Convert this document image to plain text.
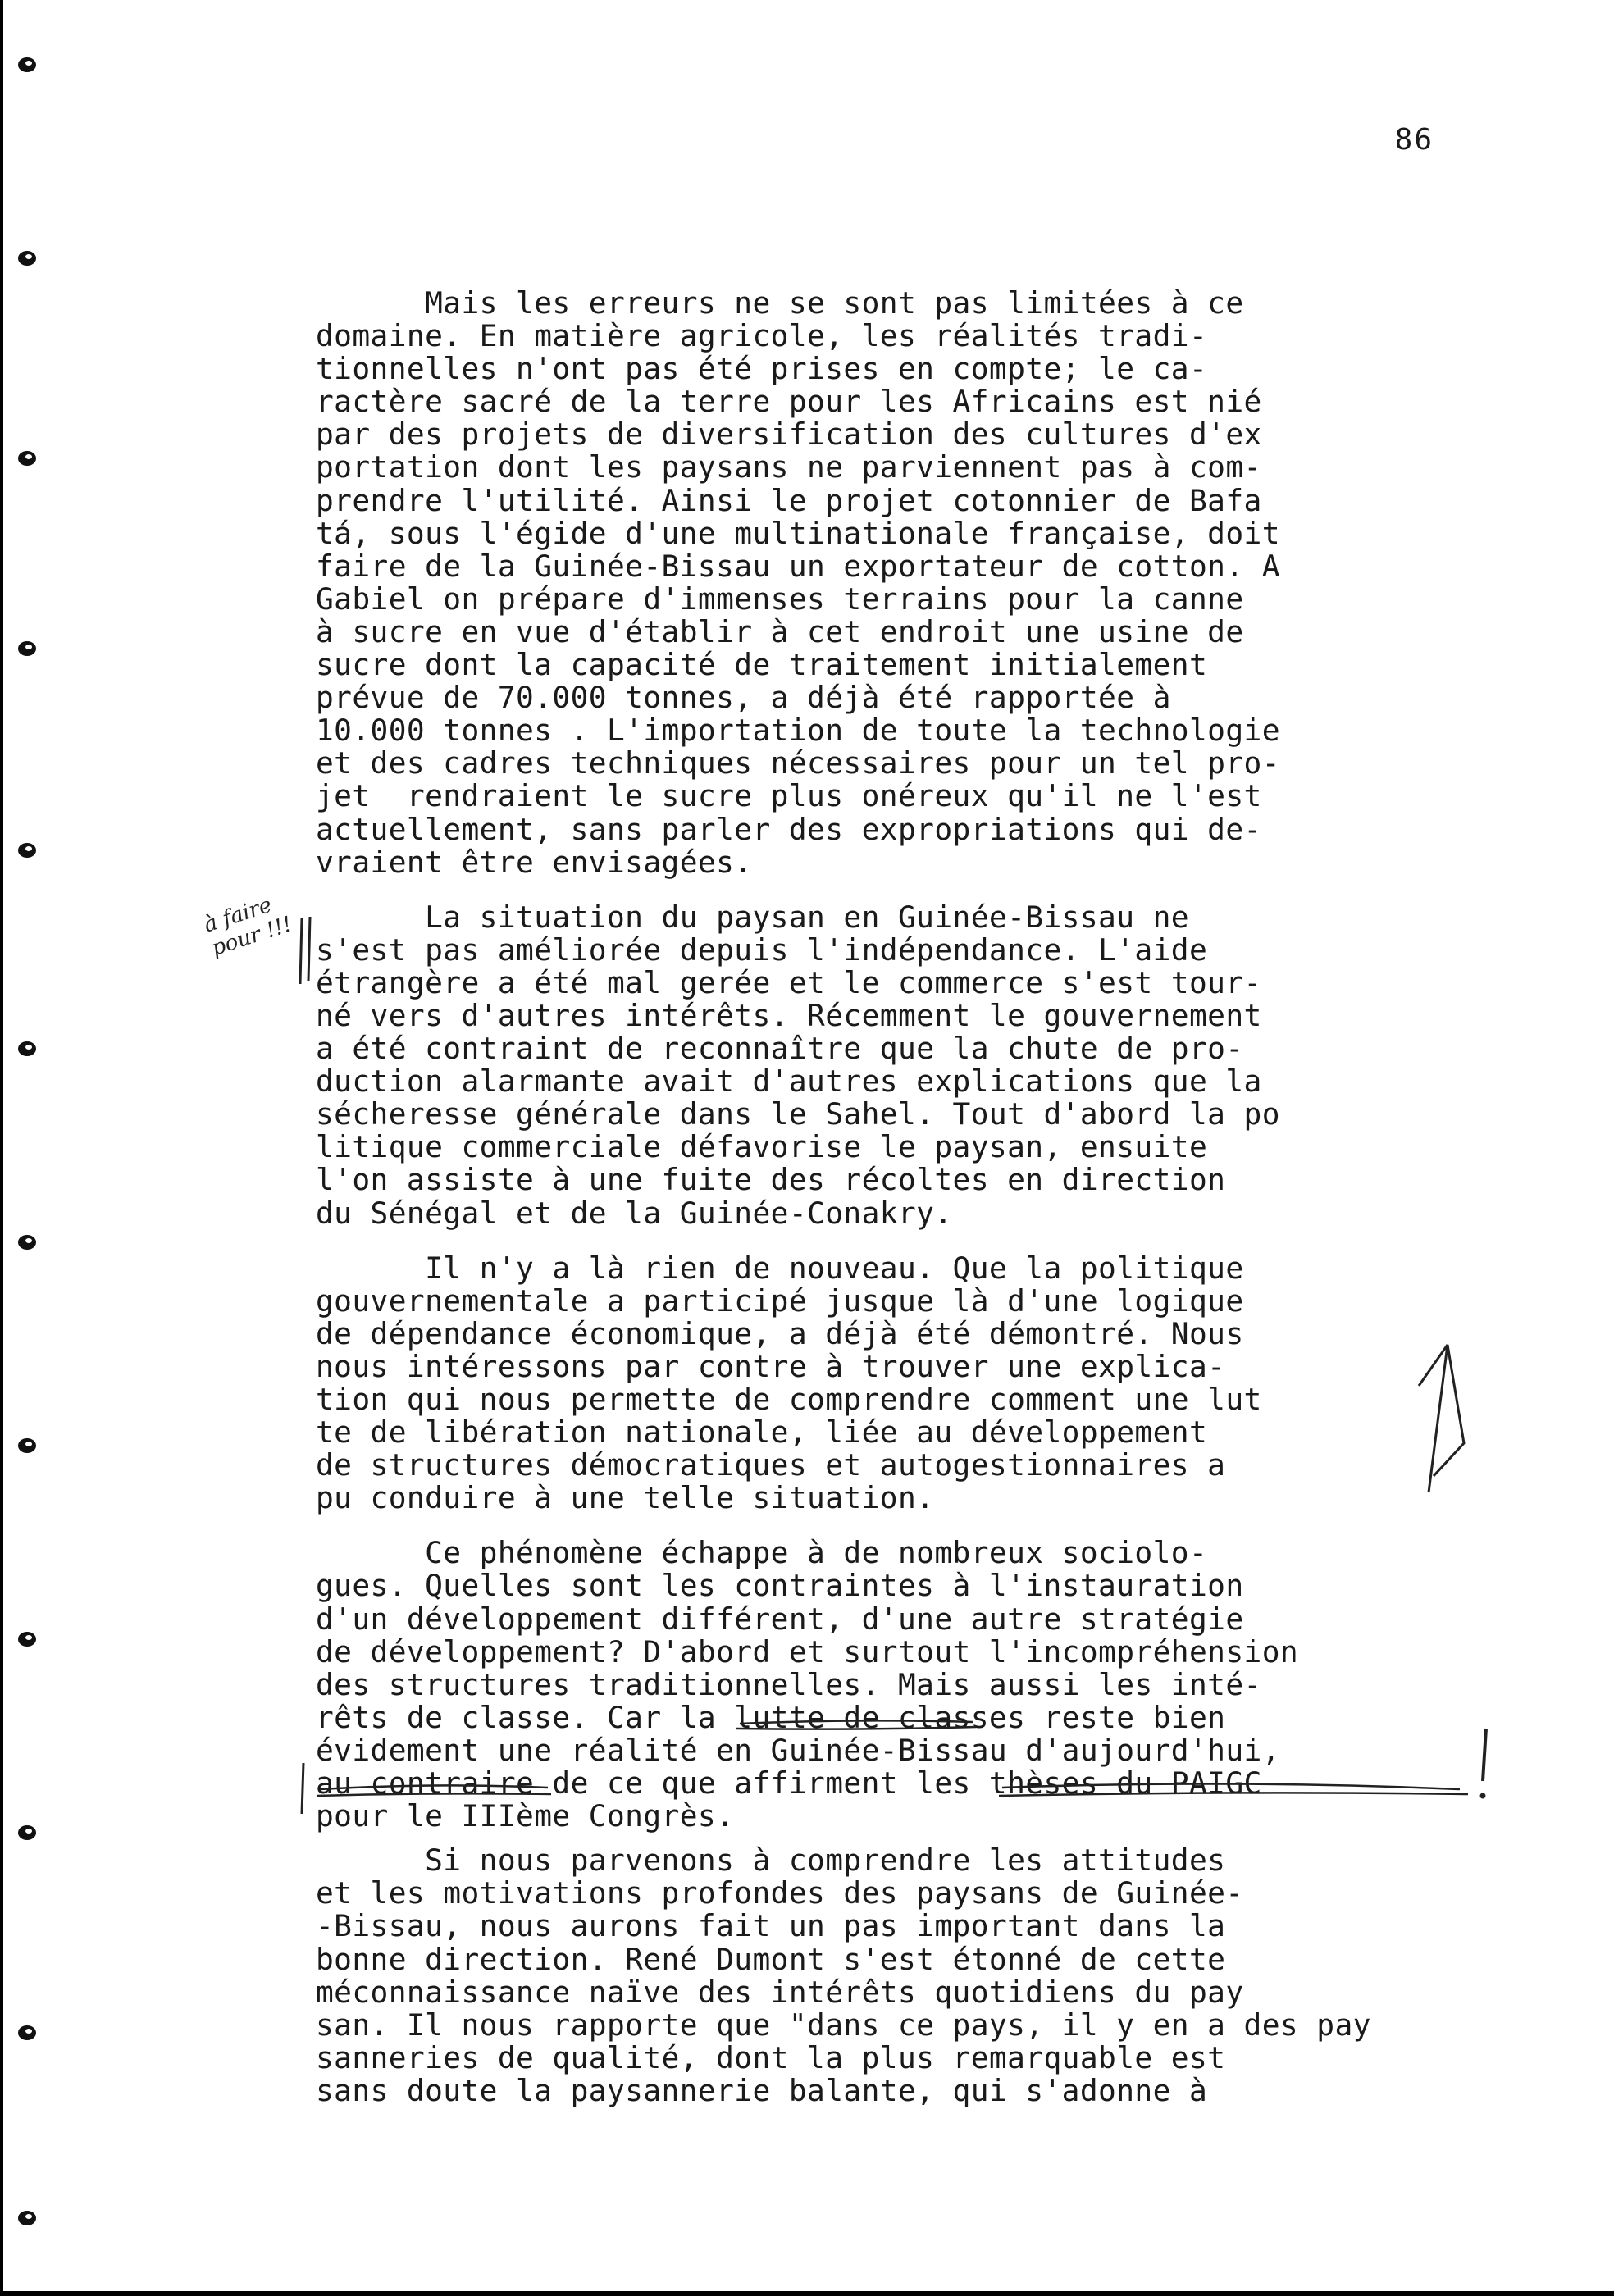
86
à faire pour !!!

Mais les erreurs ne se sont pas limitées à ce

domaine. En matière agricole, les réalités tradi-

tionnelles n'ont pas été prises en compte; le ca-

ractère sacré de la terre pour les Africains est nié

par des projets de diversification des cultures d'ex

portation dont les paysans ne parviennent pas à com-

prendre l'utilité. Ainsi le projet cotonnier de Bafa

tá, sous l'égide d'une multinationale française, doit

faire de la Guinée-Bissau un exportateur de cotton. A

Gabiel on prépare d'immenses terrains pour la canne

à sucre en vue d'établir à cet endroit une usine de

sucre dont la capacité de traitement initialement

prévue de 70.000 tonnes, a déjà été rapportée à

10.000 tonnes . L'importation de toute la technologie

et des cadres techniques nécessaires pour un tel pro-

jet  rendraient le sucre plus onéreux qu'il ne l'est

actuellement, sans parler des expropriations qui de-

vraient être envisagées.

La situation du paysan en Guinée-Bissau ne

s'est pas améliorée depuis l'indépendance. L'aide

étrangère a été mal gerée et le commerce s'est tour-

né vers d'autres intérêts. Récemment le gouvernement

a été contraint de reconnaître que la chute de pro-

duction alarmante avait d'autres explications que la

sécheresse générale dans le Sahel. Tout d'abord la po

litique commerciale défavorise le paysan, ensuite

l'on assiste à une fuite des récoltes en direction

du Sénégal et de la Guinée-Conakry.

Il n'y a là rien de nouveau. Que la politique

gouvernementale a participé jusque là d'une logique

de dépendance économique, a déjà été démontré. Nous

nous intéressons par contre à trouver une explica-

tion qui nous permette de comprendre comment une lut

te de libération nationale, liée au développement

de structures démocratiques et autogestionnaires a

pu conduire à une telle situation.

Ce phénomène échappe à de nombreux sociolo-

gues. Quelles sont les contraintes à l'instauration

d'un développement différent, d'une autre stratégie

de développement? D'abord et surtout l'incompréhension

des structures traditionnelles. Mais aussi les inté-

rêts de classe. Car la lutte de classes reste bien

évidement une réalité en Guinée-Bissau d'aujourd'hui,

au contraire de ce que affirment les thèses du PAIGC

pour le IIIème Congrès.

Si nous parvenons à comprendre les attitudes

et les motivations profondes des paysans de Guinée-

-Bissau, nous aurons fait un pas important dans la

bonne direction. René Dumont s'est étonné de cette

méconnaissance naïve des intérêts quotidiens du pay

san. Il nous rapporte que "dans ce pays, il y en a des pay

sanneries de qualité, dont la plus remarquable est

sans doute la paysannerie balante, qui s'adonne à
